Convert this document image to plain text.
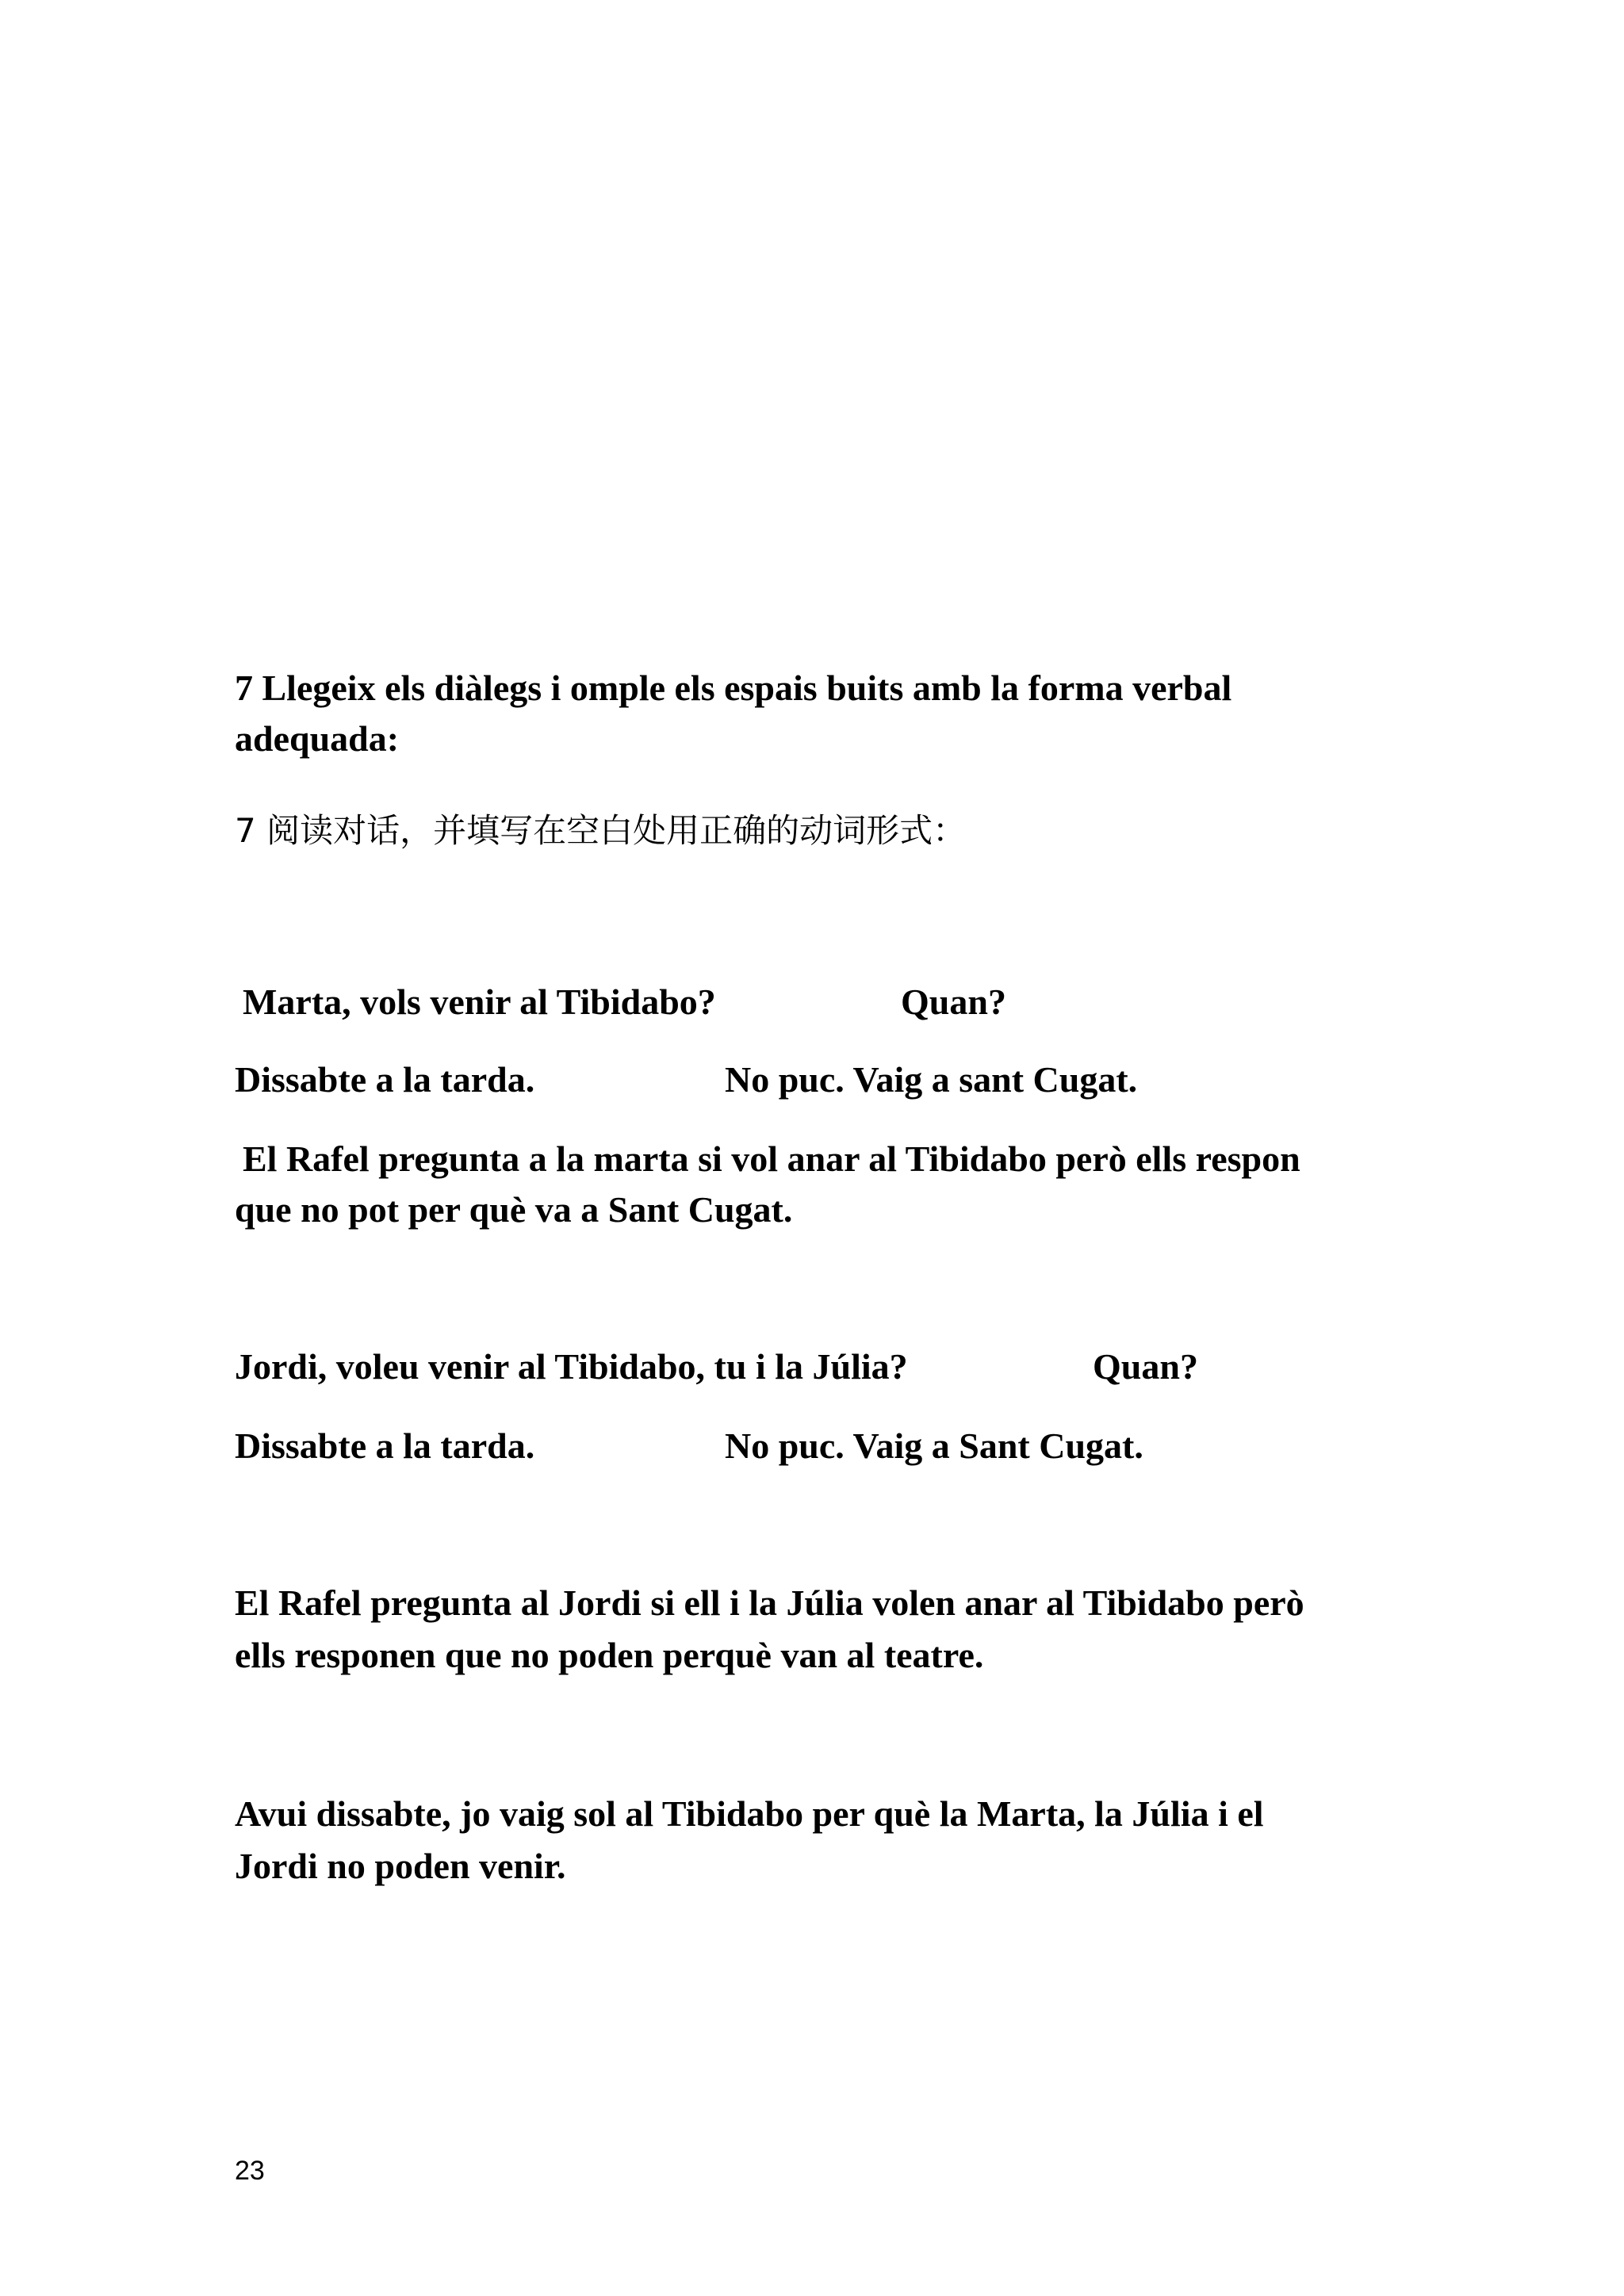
7 Llegeix els diàlegs i omple els espais buits amb la forma verbal
adequada:
7 阅读对话，并填写在空白处用正确的动词形式：
Marta, vols venir al Tibidabo?	Quan?
Dissabte a la tarda.	No puc. Vaig a sant Cugat.
El Rafel pregunta a la marta si vol anar al Tibidabo però ells respon
que no pot per què va a Sant Cugat.
Jordi, voleu venir al Tibidabo, tu i la Júlia?	Quan?
Dissabte a la tarda.	No puc. Vaig a Sant Cugat.
El Rafel pregunta al Jordi si ell i la Júlia volen anar al Tibidabo però
ells responen que no poden perquè van al teatre.
Avui dissabte, jo vaig sol al Tibidabo per què la Marta, la Júlia i el
Jordi no poden venir.
23
